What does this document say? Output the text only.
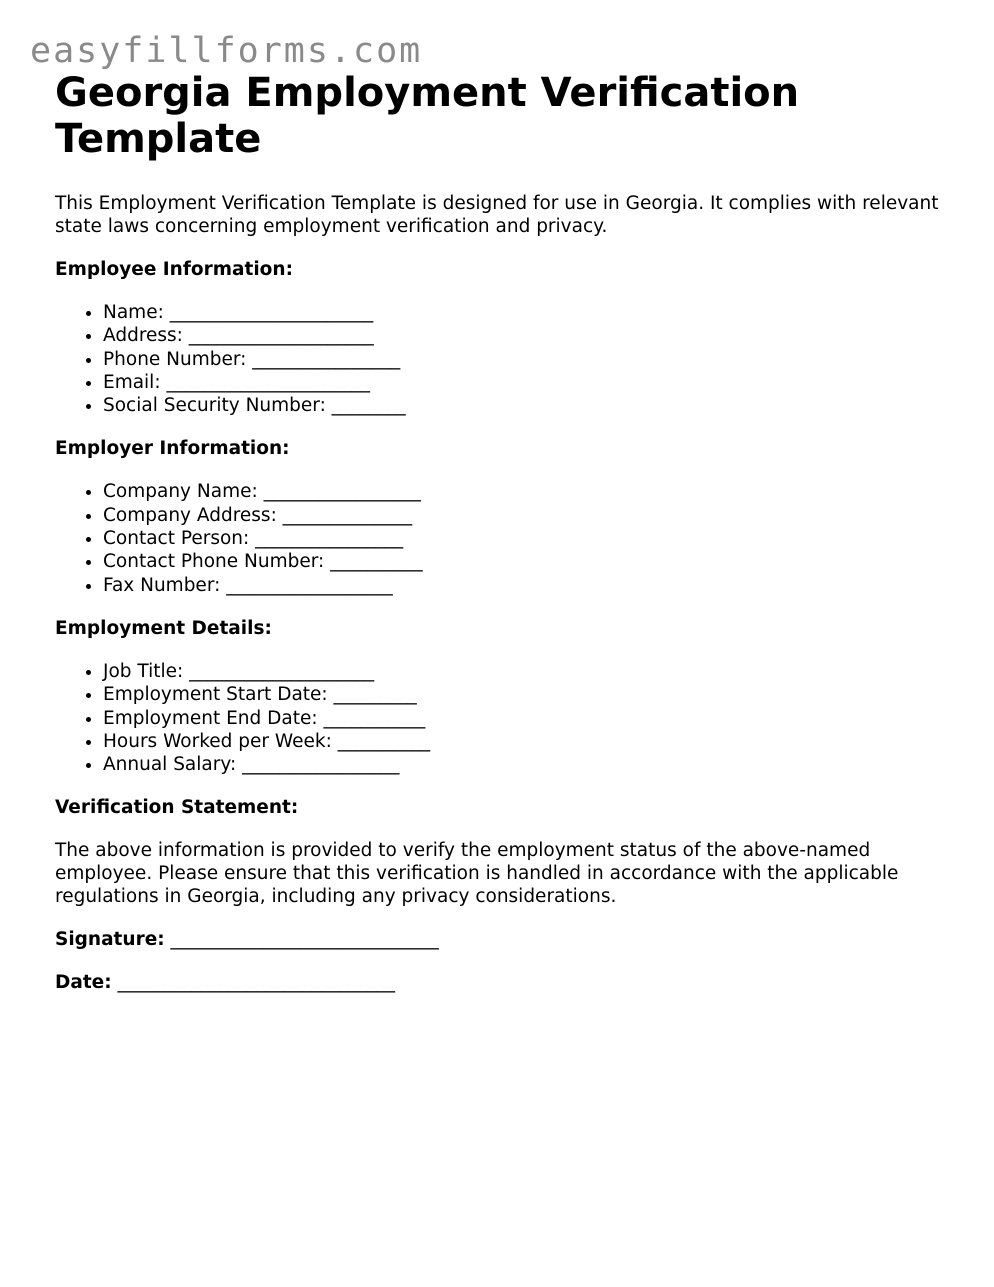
easyfillforms.com
Georgia Employment Verification Template

This Employment Verification Template is designed for use in Georgia. It complies with relevant state laws concerning employment verification and privacy.

Employee Information:
• Name: ______________________
• Address: ____________________
• Phone Number: ________________
• Email: ______________________
• Social Security Number: ________
Employer Information:
• Company Name: _________________
• Company Address: ______________
• Contact Person: ________________
• Contact Phone Number: __________
• Fax Number: __________________
Employment Details:
• Job Title: ____________________
• Employment Start Date: _________
• Employment End Date: ___________
• Hours Worked per Week: __________
• Annual Salary: _________________
Verification Statement:

The above information is provided to verify the employment status of the above-named employee. Please ensure that this verification is handled in accordance with the applicable regulations in Georgia, including any privacy considerations.

Signature: _____________________________
Date: ______________________________
